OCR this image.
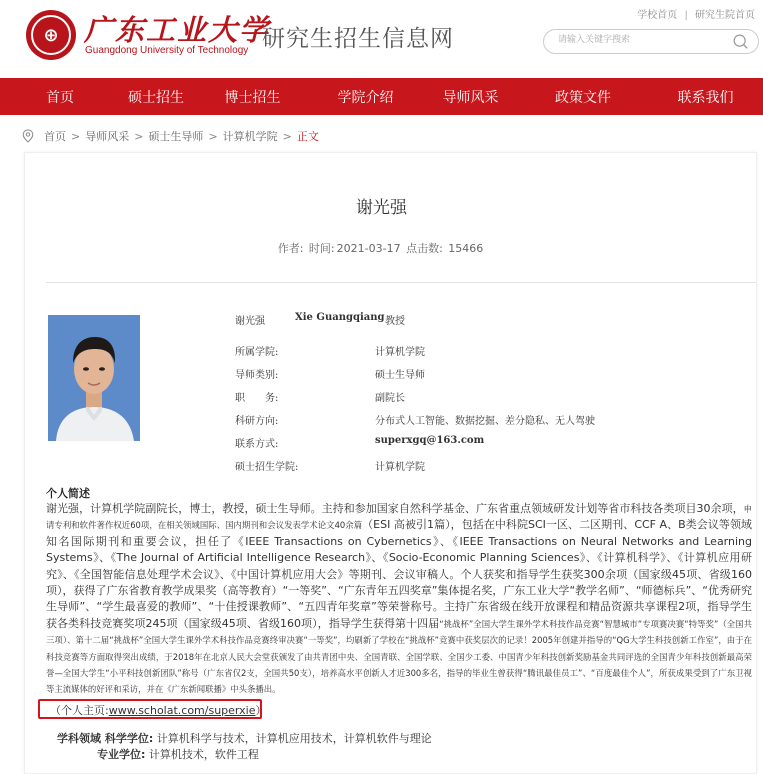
⊕ 广东工业大学
Guangdong University of Technology 研究生招生信息网
学校首页 | 研究生院首页
请输入关键字搜索
首页	硕士招生	博士招生	学院介绍	导师风采	政策文件	联系我们
首页 > 导师风采 > 硕士生导师 > 计算机学院 > 正文
谢光强
作者: 时间: 2021-03-17 点击数: 15466
谢光强	Xie Guangqiang 教授
所属学院:	计算机学院
导师类别:	硕士生导师
职　　务:	副院长
科研方向:	分布式人工智能、数据挖掘、差分隐私、无人驾驶
联系方式:	superxgq@163.com
硕士招生学院:	计算机学院
个人简述
谢光强，计算机学院副院长，博士，教授，硕士生导师。主持和参加国家自然科学基金、广东省重点领域研发计划等省市科技各类项目30余项，申请专利和软件著作权近60项，在相关领域国际、国内期刊和会议发表学术论文40余篇（ESI 高被引1篇），包括在中科院SCI一区、二区期刊、CCF A、B类会议等领域知名国际期刊和重要会议，担任了《IEEE Transactions on Cybernetics》、《IEEE Transactions on Neural Networks and Learning Systems》、《The Journal of Artificial Intelligence Research》、《Socio-Economic Planning Sciences》、《计算机科学》、《计算机应用研究》、《全国智能信息处理学术会议》、《中国计算机应用大会》等期刊、会议审稿人。个人获奖和指导学生获奖300余项（国家级45项、省级160项），获得了广东省教育教学成果奖（高等教育）“一等奖”、“广东青年五四奖章”集体提名奖，广东工业大学“教学名师”、“师德标兵”、“优秀研究生导师”、“学生最喜爱的教师”、“十佳授课教师”、“五四青年奖章”等荣誉称号。主持广东省级在线开放课程和精品资源共享课程2项，指导学生获各类科技竞赛奖项245项（国家级45项、省级160项），指导学生获得第十四届“挑战杯”全国大学生课外学术科技作品竞赛“智慧城市”专项赛决赛“特等奖”（全国共三项）、第十二届“挑战杯”全国大学生课外学术科技作品竞赛终审决赛“一等奖”，均刷新了学校在“挑战杯”竞赛中获奖层次的记录！2005年创建并指导的“QG大学生科技创新工作室”，由于在科技竞赛等方面取得突出成绩，于2018年在北京人民大会堂获颁发了由共青团中央、全国青联、全国学联、全国少工委、中国青少年科技创新奖励基金共同评选的全国青少年科技创新最高荣誉—全国大学生“小平科技创新团队”称号（广东省仅2支，全国共50支），培养高水平创新人才近300多名，指导的毕业生曾获得“腾讯最佳员工”、“百度最佳个人”，所获成果受到了广东卫视等主流媒体的好评和采访，并在《广东新闻联播》中头条播出。
（个人主页:www.scholat.com/superxie）
学科领域 科学学位: 计算机科学与技术，计算机应用技术，计算机软件与理论
专业学位: 计算机技术，软件工程
